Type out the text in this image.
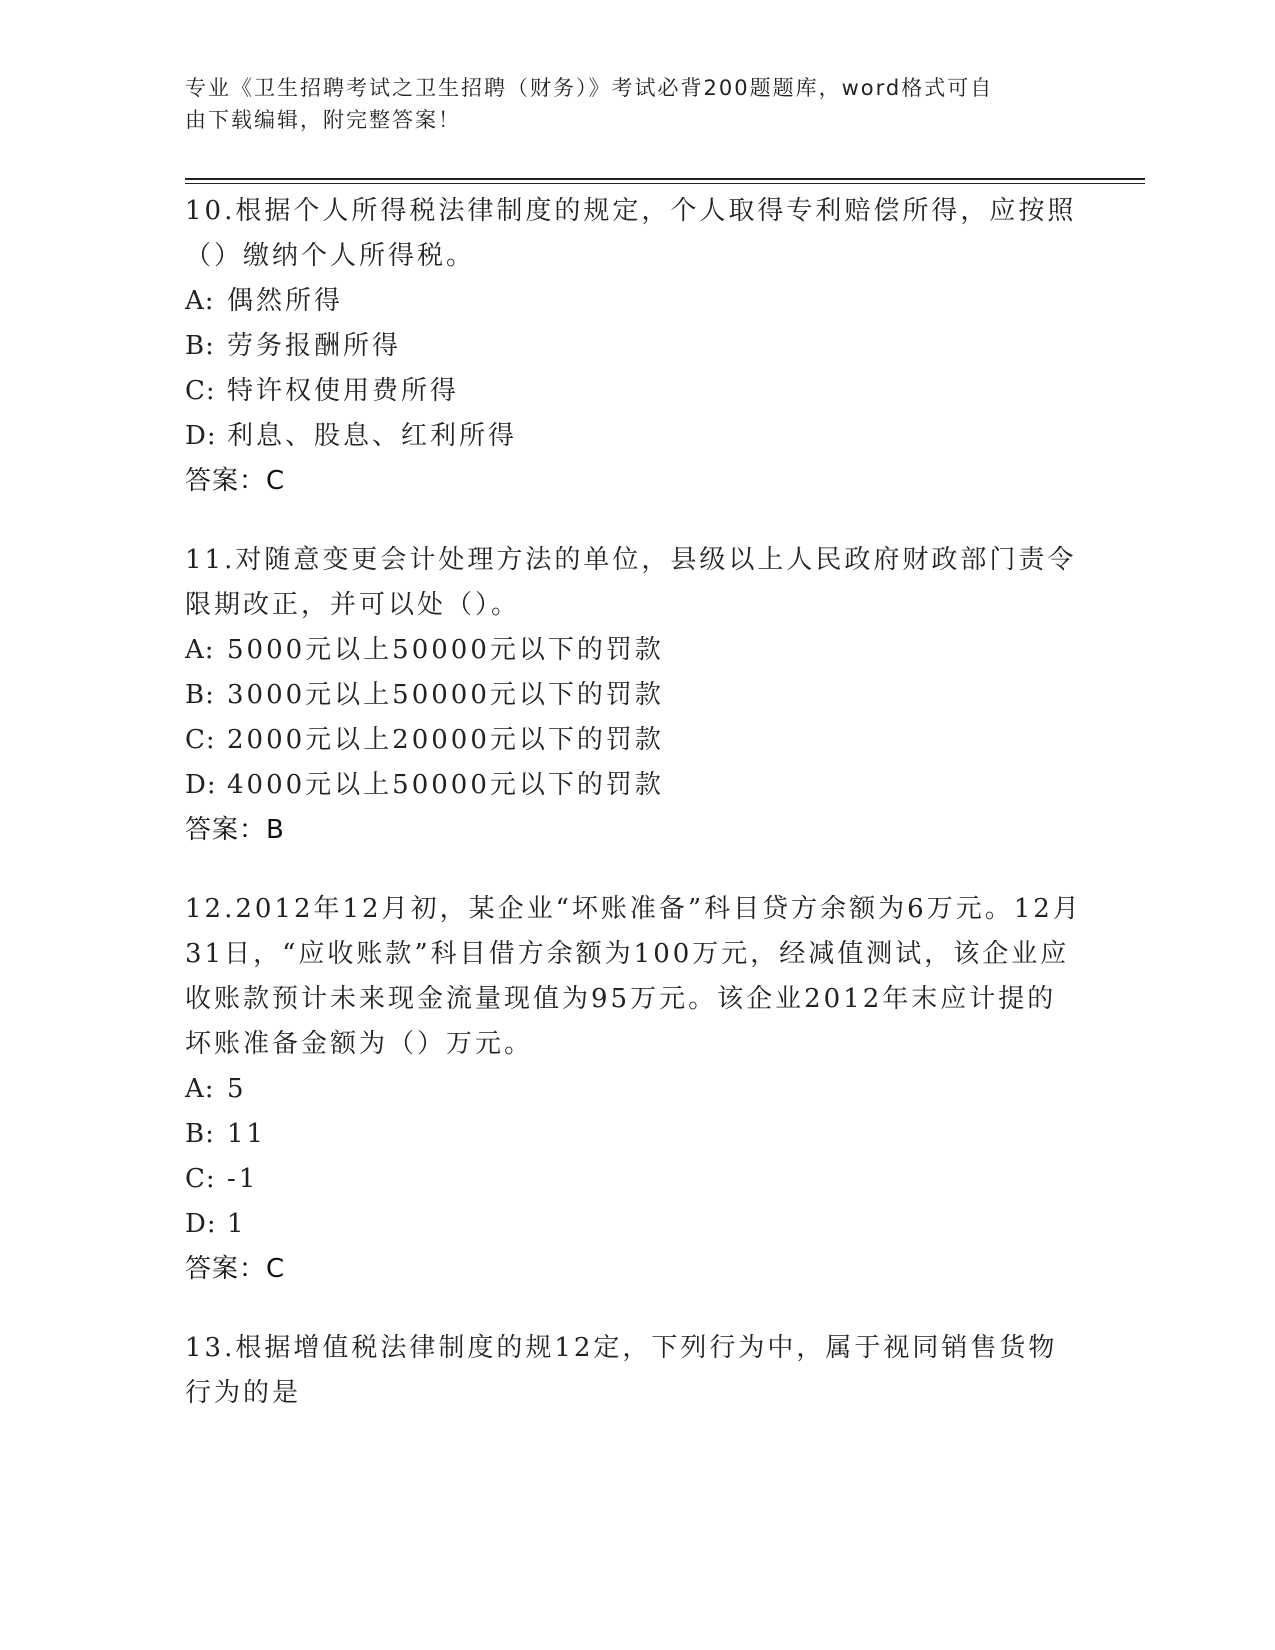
专业《卫生招聘考试之卫生招聘（财务）》考试必背200题题库，word格式可自
由下载编辑，附完整答案！

10.根据个人所得税法律制度的规定，个人取得专利赔偿所得，应按照（）缴纳个人所得税。

A: 偶然所得
B: 劳务报酬所得
C: 特许权使用费所得
D: 利息、股息、红利所得

答案：C

11.对随意变更会计处理方法的单位，县级以上人民政府财政部门责令限期改正，并可以处（）。

A: 5000元以上50000元以下的罚款
B: 3000元以上50000元以下的罚款
C: 2000元以上20000元以下的罚款
D: 4000元以上50000元以下的罚款

答案：B

12.2012年12月初，某企业“坏账准备”科目贷方余额为6万元。12月31日，“应收账款”科目借方余额为100万元，经减值测试，该企业应收账款预计未来现金流量现值为95万元。该企业2012年末应计提的坏账准备金额为（）万元。

A: 5
B: 11
C: -1
D: 1

答案：C

13.根据增值税法律制度的规12定，下列行为中，属于视同销售货物行为的是
